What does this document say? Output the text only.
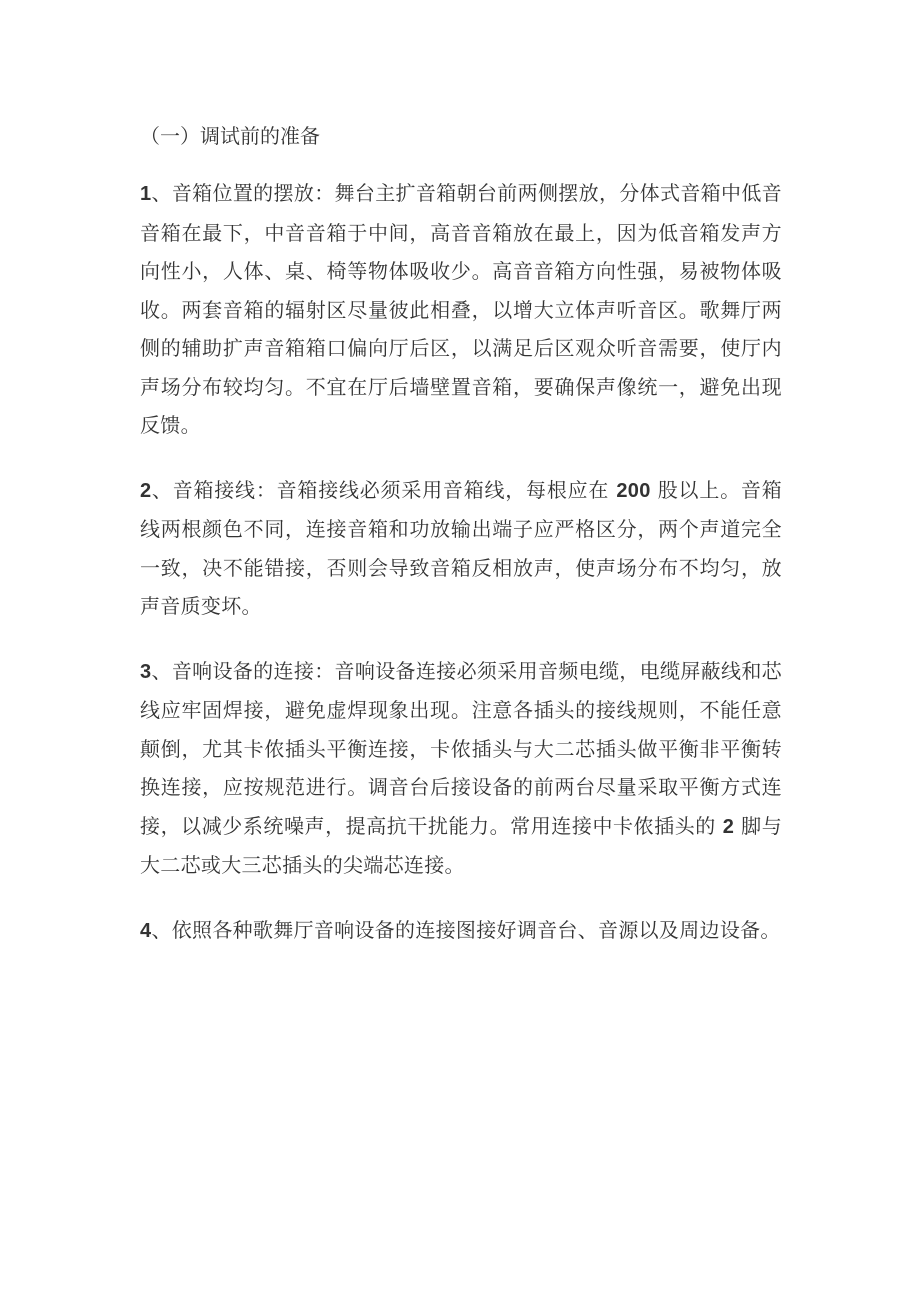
（一）调试前的准备

1、音箱位置的摆放：舞台主扩音箱朝台前两侧摆放，分体式音箱中低音音箱在最下，中音音箱于中间，高音音箱放在最上，因为低音箱发声方向性小，人体、桌、椅等物体吸收少。高音音箱方向性强，易被物体吸收。两套音箱的辐射区尽量彼此相叠，以增大立体声听音区。歌舞厅两侧的辅助扩声音箱箱口偏向厅后区，以满足后区观众听音需要，使厅内声场分布较均匀。不宜在厅后墙壁置音箱，要确保声像统一，避免出现反馈。

2、音箱接线：音箱接线必须采用音箱线，每根应在 200 股以上。音箱线两根颜色不同，连接音箱和功放输出端子应严格区分，两个声道完全一致，决不能错接，否则会导致音箱反相放声，使声场分布不均匀，放声音质变坏。

3、音响设备的连接：音响设备连接必须采用音频电缆，电缆屏蔽线和芯线应牢固焊接，避免虚焊现象出现。注意各插头的接线规则，不能任意颠倒，尤其卡侬插头平衡连接，卡侬插头与大二芯插头做平衡非平衡转换连接，应按规范进行。调音台后接设备的前两台尽量采取平衡方式连接，以减少系统噪声，提高抗干扰能力。常用连接中卡侬插头的 2 脚与大二芯或大三芯插头的尖端芯连接。

4、依照各种歌舞厅音响设备的连接图接好调音台、音源以及周边设备。
